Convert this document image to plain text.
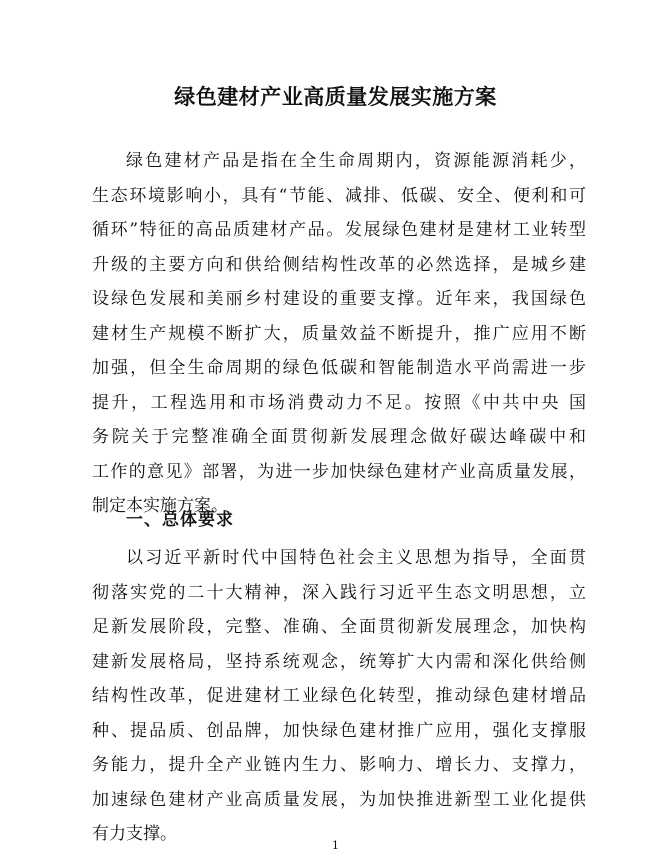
绿色建材产业高质量发展实施方案

绿色建材产品是指在全生命周期内，资源能源消耗少，
生态环境影响小，具有“节能、减排、低碳、安全、便利和可
循环”特征的高品质建材产品。发展绿色建材是建材工业转型
升级的主要方向和供给侧结构性改革的必然选择，是城乡建
设绿色发展和美丽乡村建设的重要支撑。近年来，我国绿色
建材生产规模不断扩大，质量效益不断提升，推广应用不断
加强，但全生命周期的绿色低碳和智能制造水平尚需进一步
提升，工程选用和市场消费动力不足。按照《中共中央 国
务院关于完整准确全面贯彻新发展理念做好碳达峰碳中和
工作的意见》部署，为进一步加快绿色建材产业高质量发展，
制定本实施方案。

一、总体要求

以习近平新时代中国特色社会主义思想为指导，全面贯
彻落实党的二十大精神，深入践行习近平生态文明思想，立
足新发展阶段，完整、准确、全面贯彻新发展理念，加快构
建新发展格局，坚持系统观念，统筹扩大内需和深化供给侧
结构性改革，促进建材工业绿色化转型，推动绿色建材增品
种、提品质、创品牌，加快绿色建材推广应用，强化支撑服
务能力，提升全产业链内生力、影响力、增长力、支撑力，
加速绿色建材产业高质量发展，为加快推进新型工业化提供
有力支撑。

1
